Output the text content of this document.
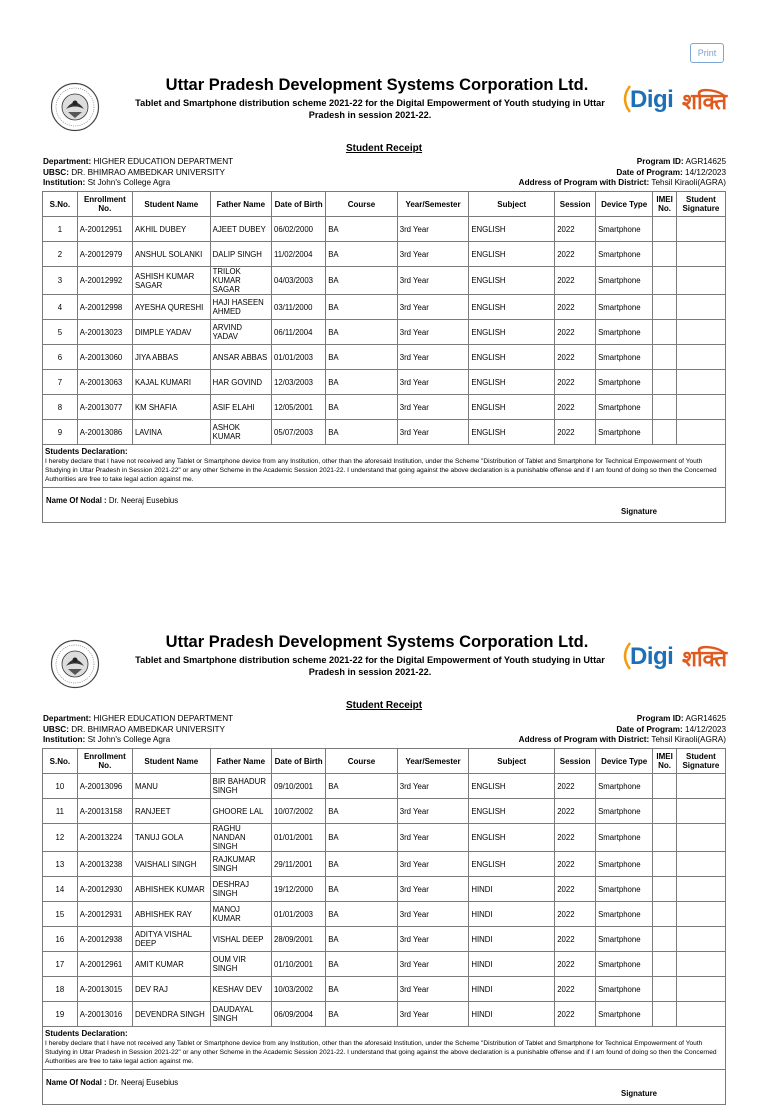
Print
Uttar Pradesh Development Systems Corporation Ltd.
Tablet and Smartphone distribution scheme 2021-22 for the Digital Empowerment of Youth studying in Uttar Pradesh in session 2021-22.
Digi शक्ति
Student Receipt
Department: HIGHER EDUCATION DEPARTMENT
UBSC: DR. BHIMRAO AMBEDKAR UNIVERSITY
Institution: St John's College Agra
Program ID: AGR14625
Date of Program: 14/12/2023
Address of Program with District: Tehsil Kiraoli(AGRA)
S.No.	Enrollment No.	Student Name	Father Name	Date of Birth	Course	Year/Semester	Subject	Session	Device Type	IMEI No.	Student Signature
1	A-20012951	AKHIL DUBEY	AJEET DUBEY	06/02/2000	BA	3rd Year	ENGLISH	2022	Smartphone		
2	A-20012979	ANSHUL SOLANKI	DALIP SINGH	11/02/2004	BA	3rd Year	ENGLISH	2022	Smartphone		
3	A-20012992	ASHISH KUMAR SAGAR	TRILOK KUMAR SAGAR	04/03/2003	BA	3rd Year	ENGLISH	2022	Smartphone		
4	A-20012998	AYESHA QURESHI	HAJI HASEEN AHMED	03/11/2000	BA	3rd Year	ENGLISH	2022	Smartphone		
5	A-20013023	DIMPLE YADAV	ARVIND YADAV	06/11/2004	BA	3rd Year	ENGLISH	2022	Smartphone		
6	A-20013060	JIYA ABBAS	ANSAR ABBAS	01/01/2003	BA	3rd Year	ENGLISH	2022	Smartphone		
7	A-20013063	KAJAL KUMARI	HAR GOVIND	12/03/2003	BA	3rd Year	ENGLISH	2022	Smartphone		
8	A-20013077	KM SHAFIA	ASIF ELAHI	12/05/2001	BA	3rd Year	ENGLISH	2022	Smartphone		
9	A-20013086	LAVINA	ASHOK KUMAR	05/07/2003	BA	3rd Year	ENGLISH	2022	Smartphone		

Students Declaration:
I hereby declare that I have not received any Tablet or Smartphone device from any Institution, other than the aforesaid Institution, under the Scheme "Distribution of Tablet and Smartphone for Technical Empowerment of Youth Studying in Uttar Pradesh in Session 2021-22" or any other Scheme in the Academic Session 2021-22. I understand that going against the above declaration is a punishable offense and if I am found of doing so then the Concerned Authorities are free to take legal action against me.											

Name Of Nodal : Dr. Neeraj Eusebius
Signature											
Uttar Pradesh Development Systems Corporation Ltd.
Tablet and Smartphone distribution scheme 2021-22 for the Digital Empowerment of Youth studying in Uttar Pradesh in session 2021-22.
Digi शक्ति
Student Receipt
Department: HIGHER EDUCATION DEPARTMENT
UBSC: DR. BHIMRAO AMBEDKAR UNIVERSITY
Institution: St John's College Agra
Program ID: AGR14625
Date of Program: 14/12/2023
Address of Program with District: Tehsil Kiraoli(AGRA)
S.No.	Enrollment No.	Student Name	Father Name	Date of Birth	Course	Year/Semester	Subject	Session	Device Type	IMEI No.	Student Signature
10	A-20013096	MANU	BIR BAHADUR SINGH	09/10/2001	BA	3rd Year	ENGLISH	2022	Smartphone		
11	A-20013158	RANJEET	GHOORE LAL	10/07/2002	BA	3rd Year	ENGLISH	2022	Smartphone		
12	A-20013224	TANUJ GOLA	RAGHU NANDAN SINGH	01/01/2001	BA	3rd Year	ENGLISH	2022	Smartphone		
13	A-20013238	VAISHALI SINGH	RAJKUMAR SINGH	29/11/2001	BA	3rd Year	ENGLISH	2022	Smartphone		
14	A-20012930	ABHISHEK KUMAR	DESHRAJ SINGH	19/12/2000	BA	3rd Year	HINDI	2022	Smartphone		
15	A-20012931	ABHISHEK RAY	MANOJ KUMAR	01/01/2003	BA	3rd Year	HINDI	2022	Smartphone		
16	A-20012938	ADITYA VISHAL DEEP	VISHAL DEEP	28/09/2001	BA	3rd Year	HINDI	2022	Smartphone		
17	A-20012961	AMIT KUMAR	OUM VIR SINGH	01/10/2001	BA	3rd Year	HINDI	2022	Smartphone		
18	A-20013015	DEV RAJ	KESHAV DEV	10/03/2002	BA	3rd Year	HINDI	2022	Smartphone		
19	A-20013016	DEVENDRA SINGH	DAUDAYAL SINGH	06/09/2004	BA	3rd Year	HINDI	2022	Smartphone		

Students Declaration:
I hereby declare that I have not received any Tablet or Smartphone device from any Institution, other than the aforesaid Institution, under the Scheme "Distribution of Tablet and Smartphone for Technical Empowerment of Youth Studying in Uttar Pradesh in Session 2021-22" or any other Scheme in the Academic Session 2021-22. I understand that going against the above declaration is a punishable offense and if I am found of doing so then the Concerned Authorities are free to take legal action against me.											

Name Of Nodal : Dr. Neeraj Eusebius
Signature											
